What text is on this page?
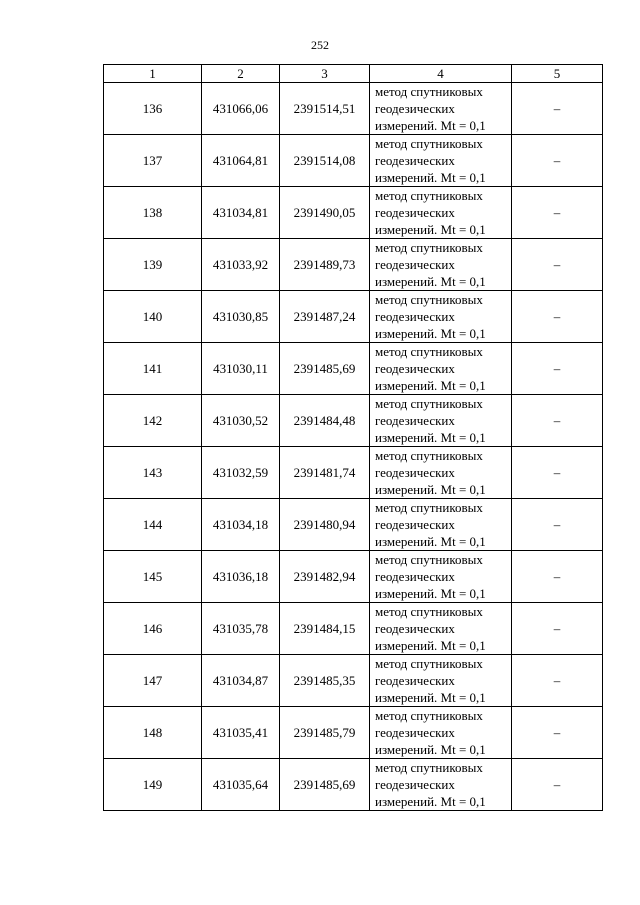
252
1	2	3	4	5
136	431066,06	2391514,51	метод спутниковых
геодезических
измерений. Mt = 0,1	–
137	431064,81	2391514,08	метод спутниковых
геодезических
измерений. Mt = 0,1	–
138	431034,81	2391490,05	метод спутниковых
геодезических
измерений. Mt = 0,1	–
139	431033,92	2391489,73	метод спутниковых
геодезических
измерений. Mt = 0,1	–
140	431030,85	2391487,24	метод спутниковых
геодезических
измерений. Mt = 0,1	–
141	431030,11	2391485,69	метод спутниковых
геодезических
измерений. Mt = 0,1	–
142	431030,52	2391484,48	метод спутниковых
геодезических
измерений. Mt = 0,1	–
143	431032,59	2391481,74	метод спутниковых
геодезических
измерений. Mt = 0,1	–
144	431034,18	2391480,94	метод спутниковых
геодезических
измерений. Mt = 0,1	–
145	431036,18	2391482,94	метод спутниковых
геодезических
измерений. Mt = 0,1	–
146	431035,78	2391484,15	метод спутниковых
геодезических
измерений. Mt = 0,1	–
147	431034,87	2391485,35	метод спутниковых
геодезических
измерений. Mt = 0,1	–
148	431035,41	2391485,79	метод спутниковых
геодезических
измерений. Mt = 0,1	–
149	431035,64	2391485,69	метод спутниковых
геодезических
измерений. Mt = 0,1	–
